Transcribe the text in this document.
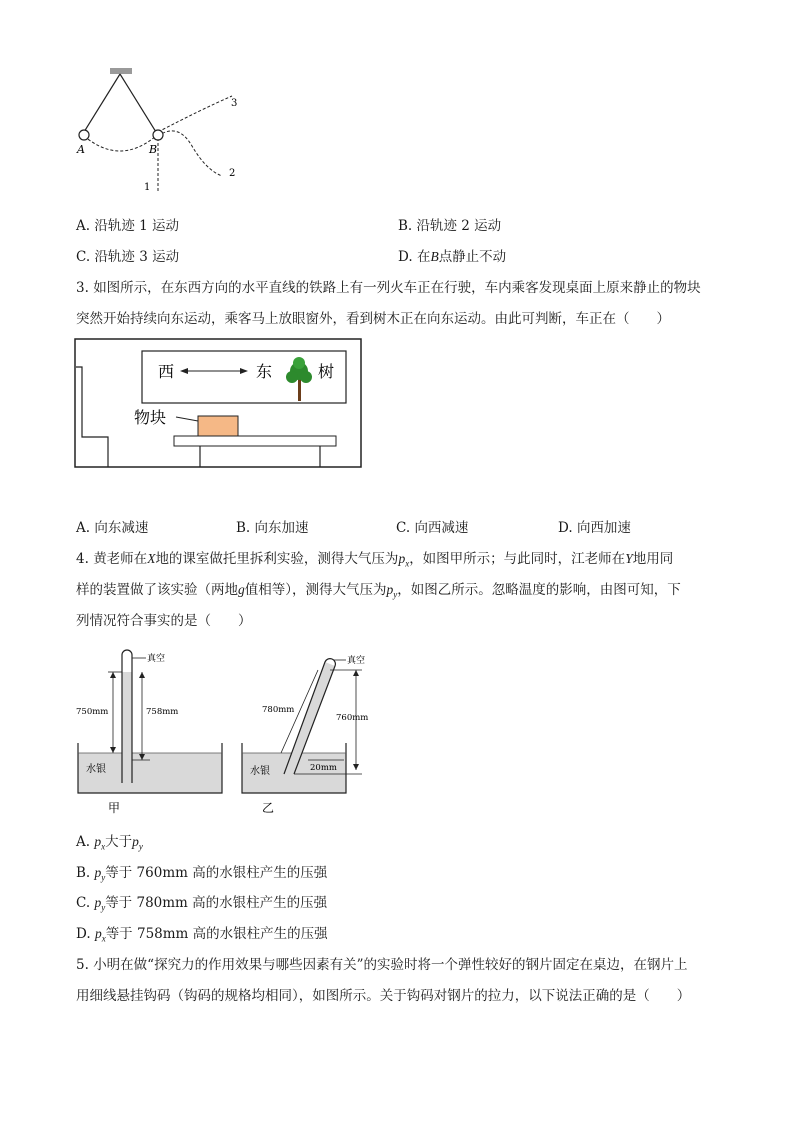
A	B
3
2
1
A. 沿轨迹 1 运动	B. 沿轨迹 2 运动
C. 沿轨迹 3 运动	D. 在B点静止不动
3. 如图所示，在东西方向的水平直线的铁路上有一列火车正在行驶，车内乘客发现桌面上原来静止的物块
突然开始持续向东运动，乘客马上放眼窗外，看到树木正在向东运动。由此可判断，车正在（　　）
西	东	树
物块
A. 向东减速	B. 向东加速	C. 向西减速	D. 向西加速
4. 黄老师在X地的课室做托里拆利实验，测得大气压为$p_x$，如图甲所示；与此同时，江老师在Y地用同
样的装置做了该实验（两地g值相等），测得大气压为$p_y$，如图乙所示。忽略温度的影响，由图可知，下
列情况符合事实的是（　　）
真空
750mm	758mm
水银
甲
真空
780mm
760mm
20mm
水银
乙
A. $p_x$大于$p_y$
B. $p_y$等于 760mm 高的水银柱产生的压强
C. $p_y$等于 780mm 高的水银柱产生的压强
D. $p_x$等于 758mm 高的水银柱产生的压强
5. 小明在做“探究力的作用效果与哪些因素有关”的实验时将一个弹性较好的钢片固定在桌边，在钢片上
用细线悬挂钩码（钩码的规格均相同），如图所示。关于钩码对钢片的拉力，以下说法正确的是（　　）
